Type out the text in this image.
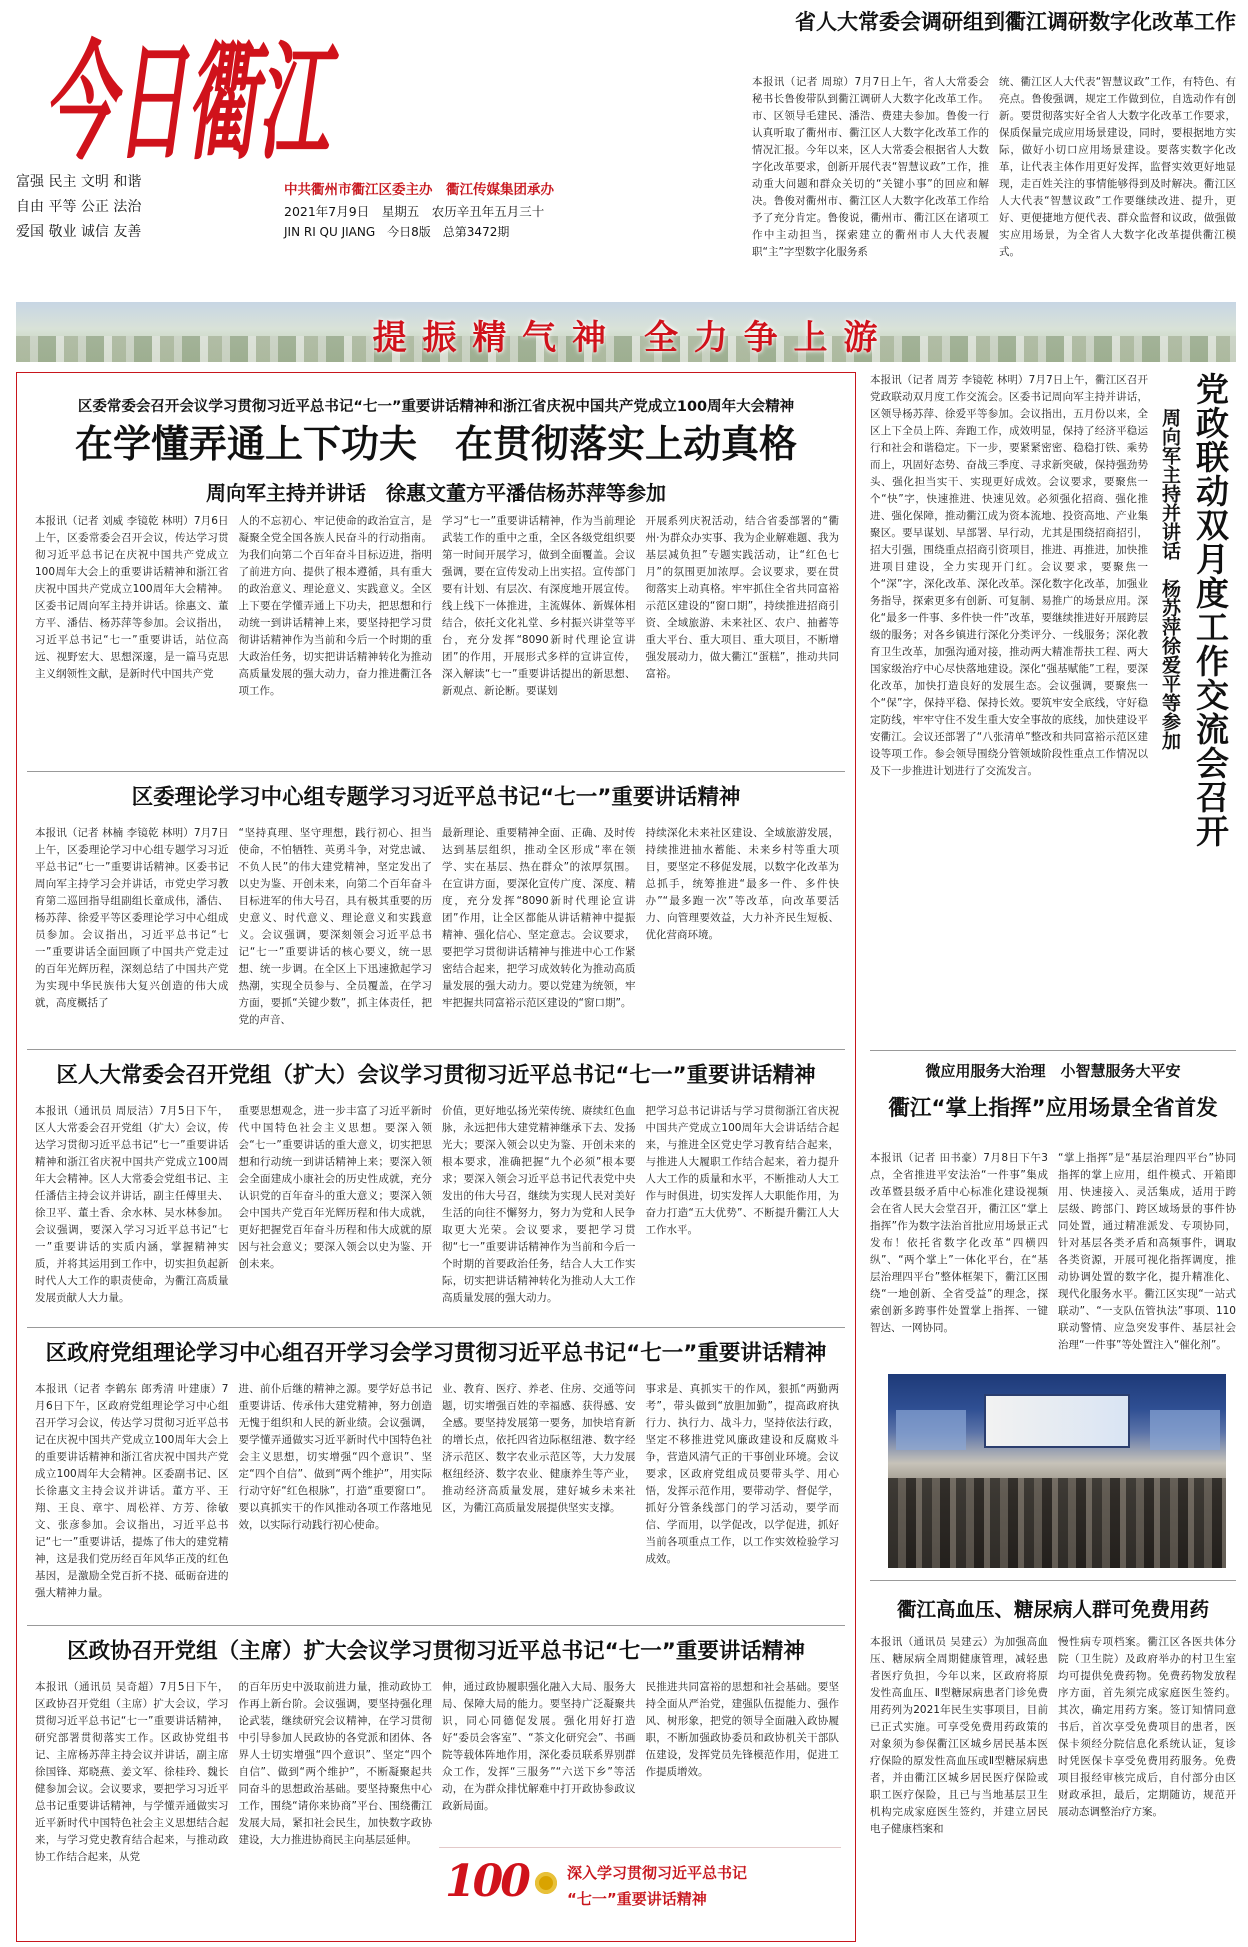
今日衢江
富强 民主 文明 和谐
自由 平等 公正 法治
爱国 敬业 诚信 友善
中共衢州市衢江区委主办　衢江传媒集团承办
2021年7月9日　星期五　农历辛丑年五月三十
JIN RI QU JIANG　今日8版　总第3472期
省人大常委会调研组到衢江调研数字化改革工作
本报讯（记者 周琼）7月7日上午，省人大常委会秘书长鲁俊带队到衢江调研人大数字化改革工作。市、区领导毛建民、潘浩、费建夫参加。鲁俊一行认真听取了衢州市、衢江区人大数字化改革工作的情况汇报。今年以来，区人大常委会根据省人大数字化改革要求，创新开展代表“智慧议政”工作，推动重大问题和群众关切的“关键小事”的回应和解决。鲁俊对衢州市、衢江区人大数字化改革工作给予了充分肯定。鲁俊说，衢州市、衢江区在诸项工作中主动担当，探索建立的衢州市人大代表履职“主”字型数字化服务系
统、衢江区人大代表“智慧议政”工作，有特色、有亮点。鲁俊强调，规定工作做到位，自选动作有创新。要贯彻落实好全省人大数字化改革工作要求，保质保量完成应用场景建设，同时，要根据地方实际，做好小切口应用场景建设。要落实数字化改革，让代表主体作用更好发挥，监督实效更好地显现，走百姓关注的事情能够得到及时解决。衢江区人大代表“智慧议政”工作要继续改进、提升，更好、更便捷地方便代表、群众监督和议政，做强做实应用场景，为全省人大数字化改革提供衢江模式。
提 振 精 气 神　全 力 争 上 游
区委常委会召开会议学习贯彻习近平总书记“七一”重要讲话精神和浙江省庆祝中国共产党成立100周年大会精神
在学懂弄通上下功夫　在贯彻落实上动真格
周向军主持并讲话　徐惠文董方平潘佶杨苏萍等参加
本报讯（记者 刘威 李镜乾 林明）7月6日上午，区委常委会召开会议，传达学习贯彻习近平总书记在庆祝中国共产党成立100周年大会上的重要讲话精神和浙江省庆祝中国共产党成立100周年大会精神。区委书记周向军主持并讲话。徐惠文、董方平、潘佶、杨苏萍等参加。会议指出，习近平总书记“七一”重要讲话，站位高远、视野宏大、思想深邃，是一篇马克思主义纲领性文献，是新时代中国共产党
人的不忘初心、牢记使命的政治宣言，是凝聚全党全国各族人民奋斗的行动指南。为我们向第二个百年奋斗目标迈进，指明了前进方向、提供了根本遵循，具有重大的政治意义、理论意义、实践意义。全区上下要在学懂弄通上下功夫，把思想和行动统一到讲话精神上来，要坚持把学习贯彻讲话精神作为当前和今后一个时期的重大政治任务，切实把讲话精神转化为推动高质量发展的强大动力，奋力推进衢江各项工作。
学习“七一”重要讲话精神，作为当前理论武装工作的重中之重，全区各级党组织要第一时间开展学习，做到全面覆盖。会议强调，要在宣传发动上出实招。宣传部门要有计划、有层次、有深度地开展宣传。线上线下一体推进，主流媒体、新媒体相结合，依托文化礼堂、乡村振兴讲堂等平台，充分发挥“8090新时代理论宣讲团”的作用，开展形式多样的宣讲宣传，深入解读“七一”重要讲话提出的新思想、新观点、新论断。要谋划
开展系列庆祝活动，结合省委部署的“衢州·为群众办实事、我为企业解难题、我为基层减负担”专题实践活动，让“红色七月”的氛围更加浓厚。会议要求，要在贯彻落实上动真格。牢牢抓住全省共同富裕示范区建设的“窗口期”，持续推进招商引资、全域旅游、未来社区、农户、抽蓄等重大平台、重大项目、重大项目，不断增强发展动力，做大衢江“蛋糕”，推动共同富裕。
区委理论学习中心组专题学习习近平总书记“七一”重要讲话精神
本报讯（记者 林楠 李镜乾 林明）7月7日上午，区委理论学习中心组专题学习习近平总书记“七一”重要讲话精神。区委书记周向军主持学习会并讲话，市党史学习教育第二巡回指导组副组长童成伟，潘佶、杨苏萍、徐爱平等区委理论学习中心组成员参加。会议指出，习近平总书记“七一”重要讲话全面回顾了中国共产党走过的百年光辉历程，深刻总结了中国共产党为实现中华民族伟大复兴创造的伟大成就，高度概括了
“坚持真理、坚守理想，践行初心、担当使命，不怕牺牲、英勇斗争，对党忠诚、不负人民”的伟大建党精神，坚定发出了以史为鉴、开创未来，向第二个百年奋斗目标进军的伟大号召，具有极其重要的历史意义、时代意义、理论意义和实践意义。会议强调，要深刻领会习近平总书记“七一”重要讲话的核心要义，统一思想、统一步调。在全区上下迅速掀起学习热潮，实现全员参与、全员覆盖，在学习方面，要抓“关键少数”，抓主体责任，把党的声音、
最新理论、重要精神全面、正确、及时传达到基层组织，推动全区形成“率在领学、实在基层、热在群众”的浓厚氛围。在宣讲方面，要深化宣传广度、深度、精度，充分发挥“8090新时代理论宣讲团”作用，让全区都能从讲话精神中提振精神、强化信心、坚定意志。会议要求，要把学习贯彻讲话精神与推进中心工作紧密结合起来，把学习成效转化为推动高质量发展的强大动力。要以党建为统领，牢牢把握共同富裕示范区建设的“窗口期”。
持续深化未来社区建设、全域旅游发展，持续推进抽水蓄能、未来乡村等重大项目，要坚定不移促发展，以数字化改革为总抓手，统筹推进“最多一件、多件快办”“最多跑一次”等改革，向改革要活力、向管理要效益，大力补齐民生短板、优化营商环境。
区人大常委会召开党组（扩大）会议学习贯彻习近平总书记“七一”重要讲话精神
本报讯（通讯员 周辰洁）7月5日下午，区人大常委会召开党组（扩大）会议，传达学习贯彻习近平总书记“七一”重要讲话精神和浙江省庆祝中国共产党成立100周年大会精神。区人大常委会党组书记、主任潘佶主持会议并讲话，副主任傅里夫、徐卫平、董土香、余水林、吴水林参加。会议强调，要深入学习习近平总书记“七一”重要讲话的实质内涵，掌握精神实质，并将其运用到工作中，切实担负起新时代人大工作的职责使命，为衢江高质量发展贡献人大力量。
重要思想观念，进一步丰富了习近平新时代中国特色社会主义思想。要深入领会“七一”重要讲话的重大意义，切实把思想和行动统一到讲话精神上来；要深入领会全面建成小康社会的历史性成就，充分认识党的百年奋斗的重大意义；要深入领会中国共产党百年光辉历程和伟大成就，更好把握党百年奋斗历程和伟大成就的原因与社会意义；要深入领会以史为鉴、开创未来。
价值，更好地弘扬光荣传统、赓续红色血脉，永远把伟大建党精神继承下去、发扬光大；要深入领会以史为鉴、开创未来的根本要求，准确把握“九个必须”根本要求；要深入领会习近平总书记代表党中央发出的伟大号召，继续为实现人民对美好生活的向往不懈努力，努力为党和人民争取更大光荣。会议要求，要把学习贯彻“七一”重要讲话精神作为当前和今后一个时期的首要政治任务，结合人大工作实际，切实把讲话精神转化为推动人大工作高质量发展的强大动力。
把学习总书记讲话与学习贯彻浙江省庆祝中国共产党成立100周年大会讲话结合起来，与推进全区党史学习教育结合起来，与推进人大履职工作结合起来，着力提升人大工作的质量和水平，不断推动人大工作与时俱进，切实发挥人大职能作用，为奋力打造“五大优势”、不断提升衢江人大工作水平。
区政府党组理论学习中心组召开学习会学习贯彻习近平总书记“七一”重要讲话精神
本报讯（记者 李鹤东 郎秀清 叶建康）7月6日下午，区政府党组理论学习中心组召开学习会议，传达学习贯彻习近平总书记在庆祝中国共产党成立100周年大会上的重要讲话精神和浙江省庆祝中国共产党成立100周年大会精神。区委副书记、区长徐惠文主持会议并讲话。董方平、王翔、王良、章宇、周松祥、方芳、徐敏文、张彦参加。会议指出，习近平总书记“七一”重要讲话，提炼了伟大的建党精神，这是我们党历经百年风华正茂的红色基因，是激励全党百折不挠、砥砺奋进的强大精神力量。
进、前仆后继的精神之源。要学好总书记重要讲话、传承伟大建党精神，努力创造无愧于组织和人民的新业绩。会议强调，要学懂弄通做实习近平新时代中国特色社会主义思想，切实增强“四个意识”、坚定“四个自信”、做到“两个维护”，用实际行动守好“红色根脉”，打造“重要窗口”。要以真抓实干的作风推动各项工作落地见效，以实际行动践行初心使命。
业、教育、医疗、养老、住房、交通等问题，切实增强百姓的幸福感、获得感、安全感。要坚持发展第一要务，加快培育新的增长点，依托四省边际枢纽港、数字经济示范区、数字农业示范区等，大力发展枢纽经济、数字农业、健康养生等产业，推动经济高质量发展，建好城乡未来社区，为衢江高质量发展提供坚实支撑。
事求是、真抓实干的作风，狠抓“两勤两考”，带头做到“放胆加勤”，提高政府执行力、执行力、战斗力，坚持依法行政，坚定不移推进党风廉政建设和反腐败斗争，营造风清气正的干事创业环境。会议要求，区政府党组成员要带头学、用心悟，发挥示范作用，要带动学、督促学，抓好分管条线部门的学习活动，要学而信、学而用，以学促改，以学促进，抓好当前各项重点工作，以工作实效检验学习成效。
区政协召开党组（主席）扩大会议学习贯彻习近平总书记“七一”重要讲话精神
本报讯（通讯员 吴奇超）7月5日下午，区政协召开党组（主席）扩大会议，学习贯彻习近平总书记“七一”重要讲话精神，研究部署贯彻落实工作。区政协党组书记、主席杨苏萍主持会议并讲话，副主席徐国锋、郑晓燕、姜文军、徐桂玲、魏长健参加会议。会议要求，要把学习习近平总书记重要讲话精神，与学懂弄通做实习近平新时代中国特色社会主义思想结合起来，与学习党史教育结合起来，与推动政协工作结合起来，从党
的百年历史中汲取前进力量，推动政协工作再上新台阶。会议强调，要坚持强化理论武装，继续研究会议精神，在学习贯彻中引导参加人民政协的各党派和团体、各界人士切实增强“四个意识”、坚定“四个自信”、做到“两个维护”，不断凝聚起共同奋斗的思想政治基础。要坚持聚焦中心工作，围绕“请你来协商”平台、围绕衢江发展大局，紧扣社会民生，加快数字政协建设，大力推进协商民主向基层延伸。
伸，通过政协履职强化融入大局、服务大局、保障大局的能力。要坚持广泛凝聚共识，同心同德促发展。强化用好打造好“委员会客室”、“茶文化研究会”、书画院等载体阵地作用，深化委员联系界别群众工作，发挥“三服务”“六送下乡”等活动，在为群众排忧解难中打开政协参政议政新局面。
民推进共同富裕的思想和社会基础。要坚持全面从严治党，建强队伍提能力、强作风、树形象，把党的领导全面融入政协履职，不断加强政协委员和政协机关干部队伍建设，发挥党员先锋模范作用，促进工作提质增效。
100	深入学习贯彻习近平总书记
“七一”重要讲话精神
本报讯（记者 周芳 李镜乾 林明）7月7日上午，衢江区召开党政联动双月度工作交流会。区委书记周向军主持并讲话，区领导杨苏萍、徐爱平等参加。会议指出，五月份以来，全区上下全员上阵、奔跑工作，成效明显，保持了经济平稳运行和社会和谐稳定。下一步，要紧紧密密、稳稳打铁、乘势而上，巩固好态势、奋战三季度、寻求新突破，保持强劲势头、强化担当实干、实现更好成效。会议要求，要聚焦一个“快”字，快速推进、快速见效。必须强化招商、强化推进、强化保障，推动衢江成为资本流地、投资高地、产业集聚区。要早谋划、早部署、早行动，尤其是围绕招商招引，招大引强，围绕重点招商引资项目，推进、再推进，加快推进项目建设，全力实现开门红。会议要求，要聚焦一个“深”字，深化改革、深化改革。深化数字化改革，加强业务指导，探索更多有创新、可复制、易推广的场景应用。深化“最多一件事、多件快一件”改革，要继续推进好开展跨层级的服务；对各乡镇进行深化分类评分、一线服务；深化教育卫生改革，加强沟通对接，推动两大精准帮扶工程、两大国家级治疗中心尽快落地建设。深化“强基赋能”工程，要深化改革，加快打造良好的发展生态。会议强调，要聚焦一个“保”字，保持平稳、保持长效。要筑牢安全底线，守好稳定防线，牢牢守住不发生重大安全事故的底线，加快建设平安衢江。会议还部署了“八张清单”整改和共同富裕示范区建设等项工作。参会领导围绕分管领域阶段性重点工作情况以及下一步推进计划进行了交流发言。	党政联动双月度工作交流会召开
周向军主持并讲话　杨苏萍徐爱平等参加
微应用服务大治理　小智慧服务大平安
衢江“掌上指挥”应用场景全省首发
本报讯（记者 田书豪）7月8日下午3点，全省推进平安法治“一件事”集成改革暨县级矛盾中心标准化建设视频会在省人民大会堂召开，衢江区“掌上指挥”作为数字法治首批应用场景正式发布！依托省数字化改革“四横四纵”、“两个掌上”一体化平台，在“基层治理四平台”整体框架下，衢江区围绕“一地创新、全省受益”的理念，探索创新多跨事件处置掌上指挥、一键智达、一网协同。
“掌上指挥”是“基层治理四平台”协同指挥的掌上应用，组件模式、开箱即用、快速接入、灵活集成，适用于跨层级、跨部门、跨区域场景的事件协同处置，通过精准派发、专项协同，针对基层各类矛盾和高频事件，调取各类资源，开展可视化指挥调度，推动协调处置的数字化，提升精准化、现代化服务水平。衢江区实现“一站式联动”、“一支队伍管执法”事项、110联动警情、应急突发事件、基层社会治理“一件事”等处置注入“催化剂”。
衢江高血压、糖尿病人群可免费用药
本报讯（通讯员 吴建云）为加强高血压、糖尿病全周期健康管理，减轻患者医疗负担，今年以来，区政府将原发性高血压、Ⅱ型糖尿病患者门诊免费用药列为2021年民生实事项目，目前已正式实施。可享受免费用药政策的对象须为参保衢江区城乡居民基本医疗保险的原发性高血压或Ⅱ型糖尿病患者，并由衢江区城乡居民医疗保险或职工医疗保险，且已与当地基层卫生机构完成家庭医生签约，并建立居民电子健康档案和
慢性病专项档案。衢江区各医共体分院（卫生院）及政府举办的村卫生室均可提供免费药物。免费药物发放程序方面，首先须完成家庭医生签约。其次，确定用药方案。签订知情同意书后，首次享受免费项目的患者，医保卡须经分院信息化系统认证，复诊时凭医保卡享受免费用药服务。免费项目报经审核完成后，自付部分由区财政承担，最后，定期随访，规范开展动态调整治疗方案。
